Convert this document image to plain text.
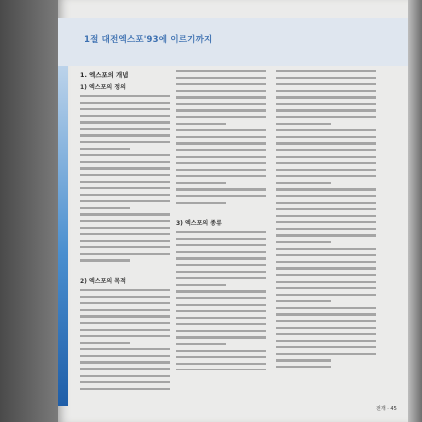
1절 대전엑스포'93에 이르기까지
1. 엑스포의 개념
1) 엑스포의 정의
2) 엑스포의 목적
3) 엑스포의 종류
전개 · 45
